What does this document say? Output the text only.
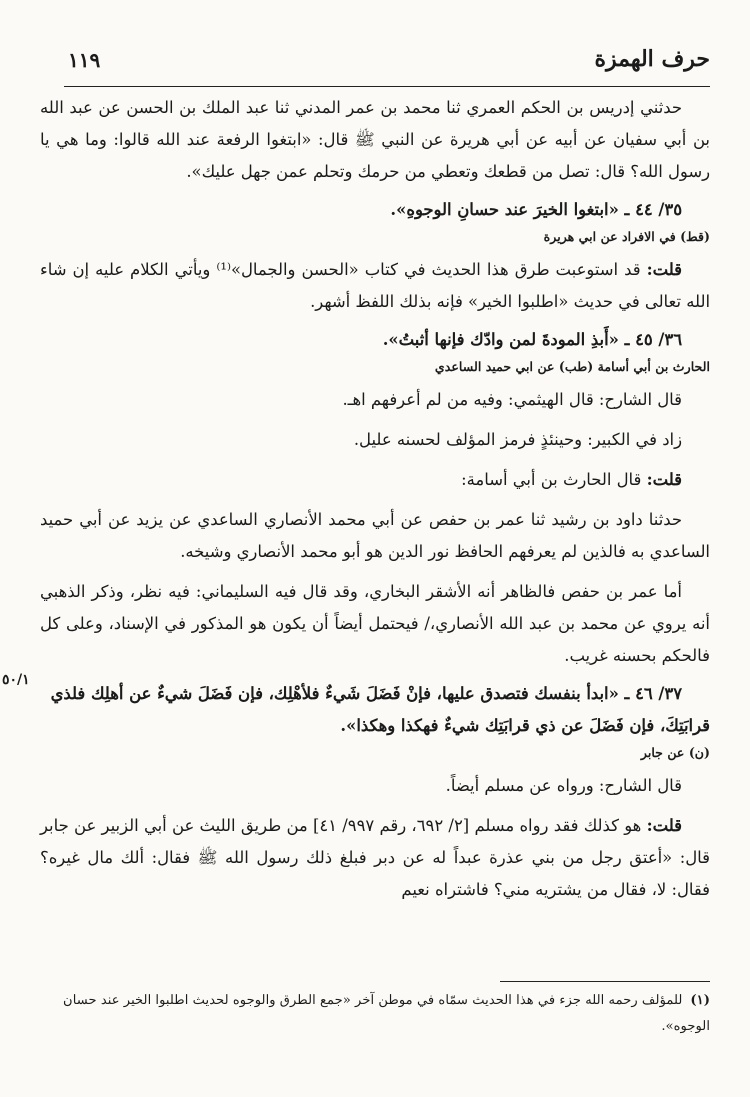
حرف الهمزة
١١٩

حدثني إدريس بن الحكم العمري ثنا محمد بن عمر المدني ثنا عبد الملك بن الحسن عن عبد الله بن أبي سفيان عن أبيه عن أبي هريرة عن النبي ﷺ قال: «ابتغوا الرفعة عند الله قالوا: وما هي يا رسول الله؟ قال: تصل من قطعك وتعطي من حرمك وتحلم عمن جهل عليك».

٣٥/ ٤٤ ـ «ابتغوا الخيرَ عند حسانِ الوجوهِ».
(قط) في الافراد عن ابي هريرة

قلت: قد استوعبت طرق هذا الحديث في كتاب «الحسن والجمال»⁽¹⁾ ويأتي الكلام عليه إن شاء الله تعالى في حديث «اطلبوا الخير» فإنه بذلك اللفظ أشهر.

٣٦/ ٤٥ ـ «أَبذِ المودةَ لمن وادّك فإنها أثبتُ».
الحارث بن أبي أسامة (طب) عن ابي حميد الساعدي

قال الشارح: قال الهيثمي: وفيه من لم أعرفهم اهـ.

زاد في الكبير: وحينئذٍ فرمز المؤلف لحسنه عليل.

قلت: قال الحارث بن أبي أسامة:

حدثنا داود بن رشيد ثنا عمر بن حفص عن أبي محمد الأنصاري الساعدي عن يزيد عن أبي حميد الساعدي به فالذين لم يعرفهم الحافظ نور الدين هو أبو محمد الأنصاري وشيخه.

أما عمر بن حفص فالظاهر أنه الأشقر البخاري، وقد قال فيه السليماني: فيه نظر، وذكر الذهبي أنه يروي عن محمد بن عبد الله الأنصاري،/ فيحتمل أيضاً أن يكون هو المذكور في الإسناد، وعلى كل فالحكم بحسنه غريب.

٣٧/ ٤٦ ـ «ابدأ بنفسك فتصدق عليها، فإنْ فَضَلَ شَيءٌ فلأهْلِك، فإن فَضَلَ شيءٌ عن أهلِك فلذي قرابَتِكَ، فإن فَضَلَ عن ذي قرابَتِك شيءٌ فهكذا وهكذا».
(ن) عن جابر

قال الشارح: ورواه عن مسلم أيضاً.

قلت: هو كذلك فقد رواه مسلم [٢/ ٦٩٢، رقم ٩٩٧/ ٤١] من طريق الليث عن أبي الزبير عن جابر قال: «أعتق رجل من بني عذرة عبداً له عن دبر فبلغ ذلك رسول الله ﷺ فقال: ألك مال غيره؟ فقال: لا، فقال من يشتريه مني؟ فاشتراه نعيم

٥٠/١
(١)للمؤلف رحمه الله جزء في هذا الحديث سمّاه في موطن آخر «جمع الطرق والوجوه لحديث اطلبوا الخير عند حسان الوجوه».
